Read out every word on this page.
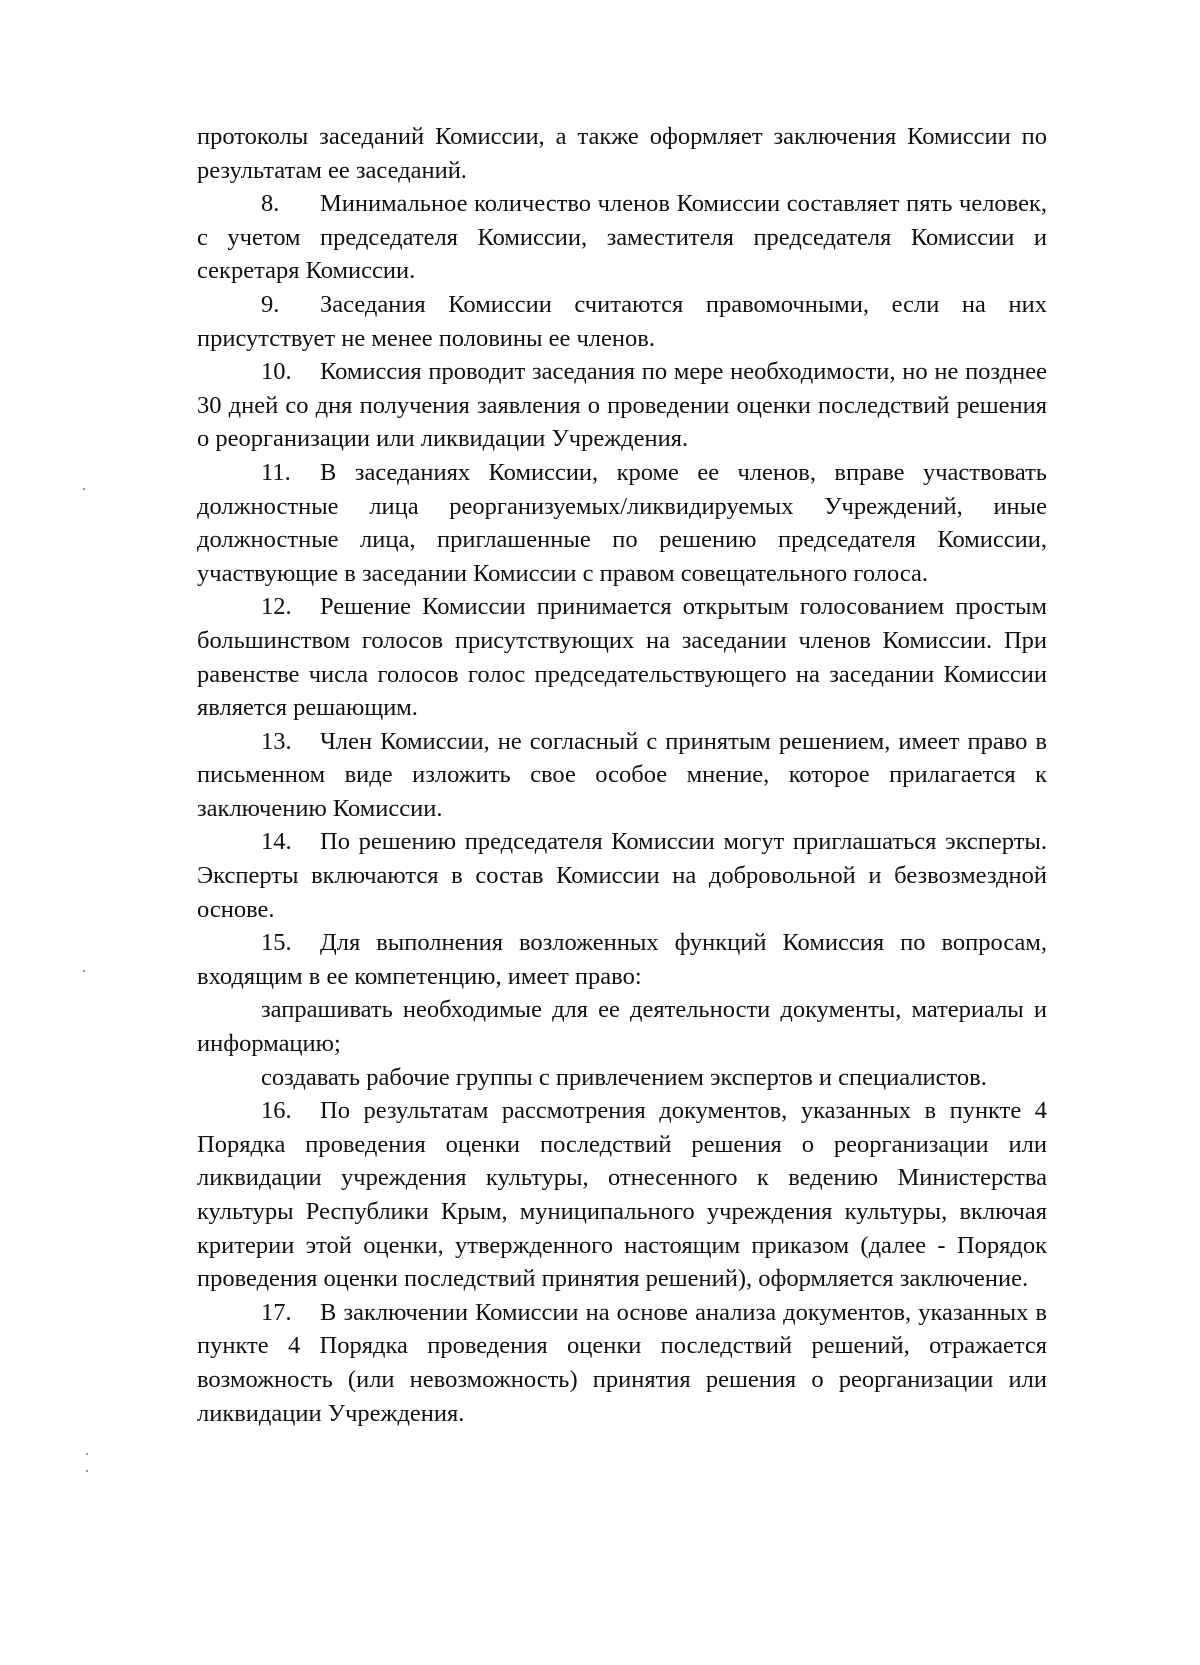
протоколы заседаний Комиссии, а также оформляет заключения Комиссии по результатам ее заседаний.

8. Минимальное количество членов Комиссии составляет пять человек, с учетом председателя Комиссии, заместителя председателя Комиссии и секретаря Комиссии.

9. Заседания Комиссии считаются правомочными, если на них присутствует не менее половины ее членов.

10. Комиссия проводит заседания по мере необходимости, но не позднее 30 дней со дня получения заявления о проведении оценки последствий решения о реорганизации или ликвидации Учреждения.

11. В заседаниях Комиссии, кроме ее членов, вправе участвовать должностные лица реорганизуемых/ликвидируемых Учреждений, иные должностные лица, приглашенные по решению председателя Комиссии, участвующие в заседании Комиссии с правом совещательного голоса.

12. Решение Комиссии принимается открытым голосованием простым большинством голосов присутствующих на заседании членов Комиссии. При равенстве числа голосов голос председательствующего на заседании Комиссии является решающим.

13. Член Комиссии, не согласный с принятым решением, имеет право в письменном виде изложить свое особое мнение, которое прилагается к заключению Комиссии.

14. По решению председателя Комиссии могут приглашаться эксперты. Эксперты включаются в состав Комиссии на добровольной и безвозмездной основе.

15. Для выполнения возложенных функций Комиссия по вопросам, входящим в ее компетенцию, имеет право:

запрашивать необходимые для ее деятельности документы, материалы и информацию;

создавать рабочие группы с привлечением экспертов и специалистов.

16. По результатам рассмотрения документов, указанных в пункте 4 Порядка проведения оценки последствий решения о реорганизации или ликвидации учреждения культуры, отнесенного к ведению Министерства культуры Республики Крым, муниципального учреждения культуры, включая критерии этой оценки, утвержденного настоящим приказом (далее - Порядок проведения оценки последствий принятия решений), оформляется заключение.

17. В заключении Комиссии на основе анализа документов, указанных в пункте 4 Порядка проведения оценки последствий решений, отражается возможность (или невозможность) принятия решения о реорганизации или ликвидации Учреждения.
